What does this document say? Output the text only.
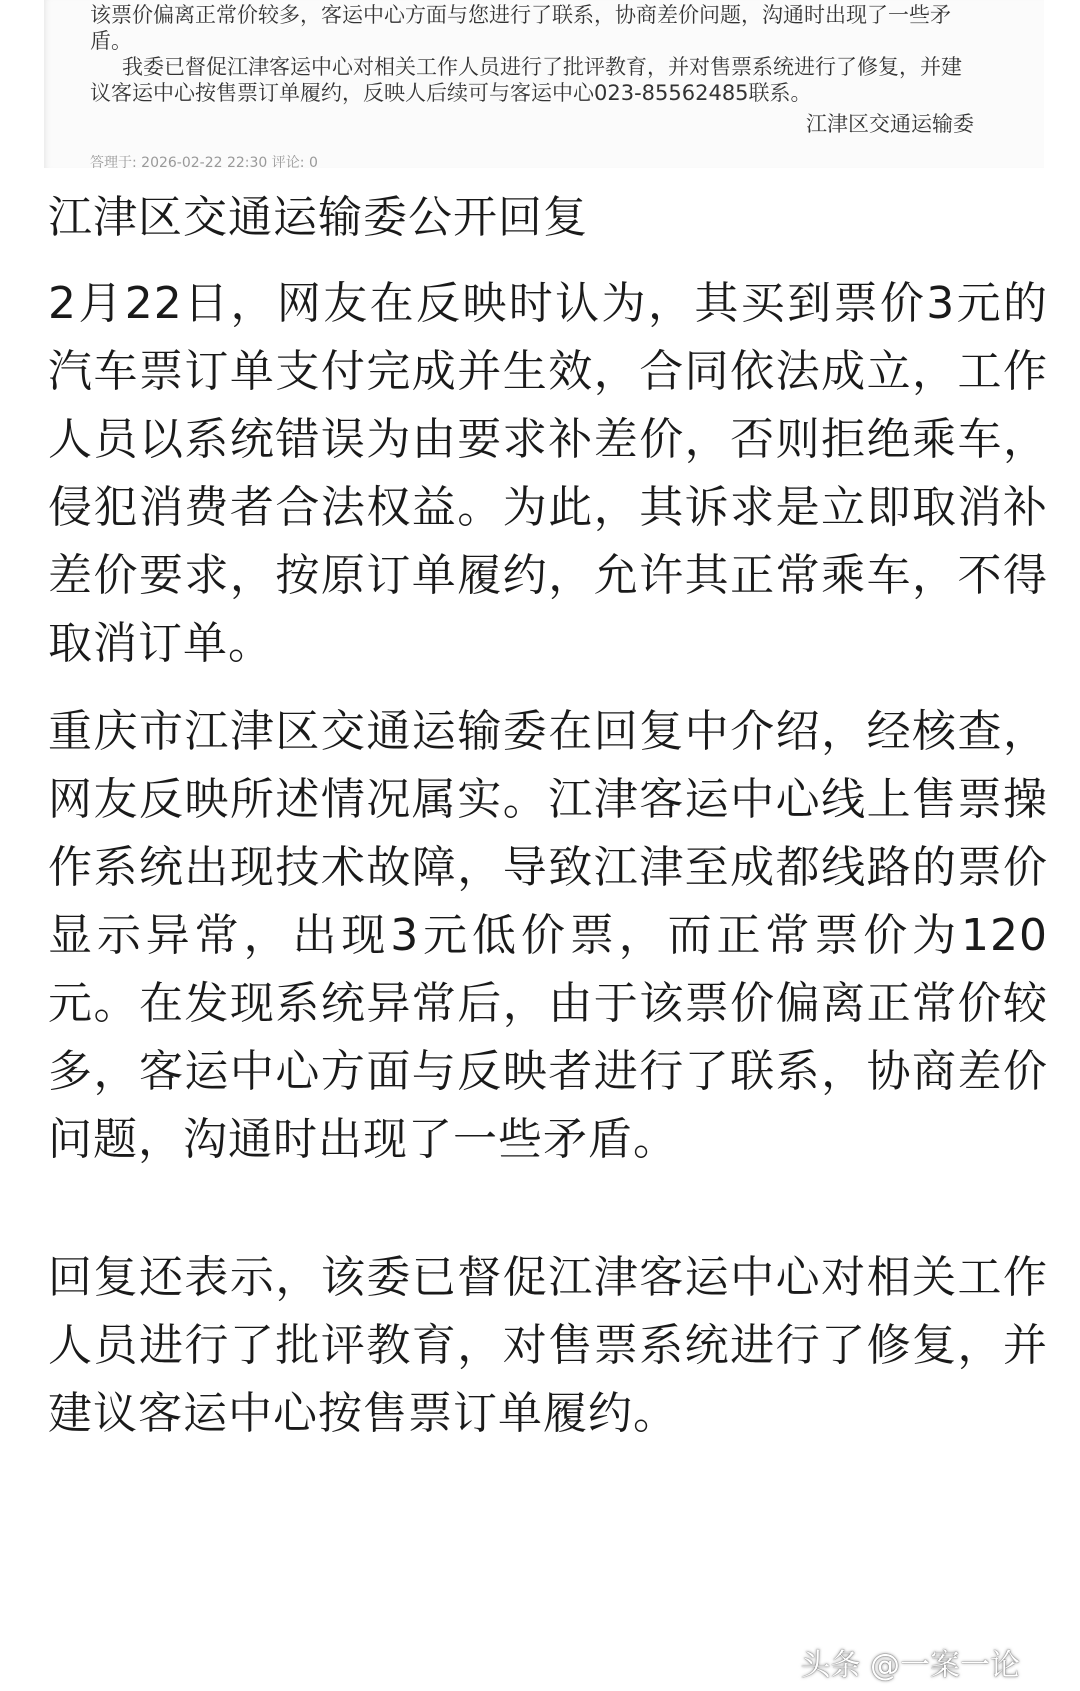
该票价偏离正常价较多，客运中心方面与您进行了联系，协商差价问题，沟通时出现了一些矛
盾。
我委已督促江津客运中心对相关工作人员进行了批评教育，并对售票系统进行了修复，并建
议客运中心按售票订单履约，反映人后续可与客运中心023-85562485联系。
江津区交通运输委
答理于: 2026-02-22 22:30 评论: 0
江津区交通运输委公开回复

2月22日，网友在反映时认为，其买到票价3元的汽车票订单支付完成并生效，合同依法成立，工作人员以系统错误为由要求补差价，否则拒绝乘车，侵犯消费者合法权益。为此，其诉求是立即取消补差价要求，按原订单履约，允许其正常乘车，不得取消订单。

重庆市江津区交通运输委在回复中介绍，经核查，网友反映所述情况属实。江津客运中心线上售票操作系统出现技术故障，导致江津至成都线路的票价显示异常，出现3元低价票，而正常票价为120元。在发现系统异常后，由于该票价偏离正常价较多，客运中心方面与反映者进行了联系，协商差价问题，沟通时出现了一些矛盾。

回复还表示，该委已督促江津客运中心对相关工作人员进行了批评教育，对售票系统进行了修复，并建议客运中心按售票订单履约。

头条 @一案一论
